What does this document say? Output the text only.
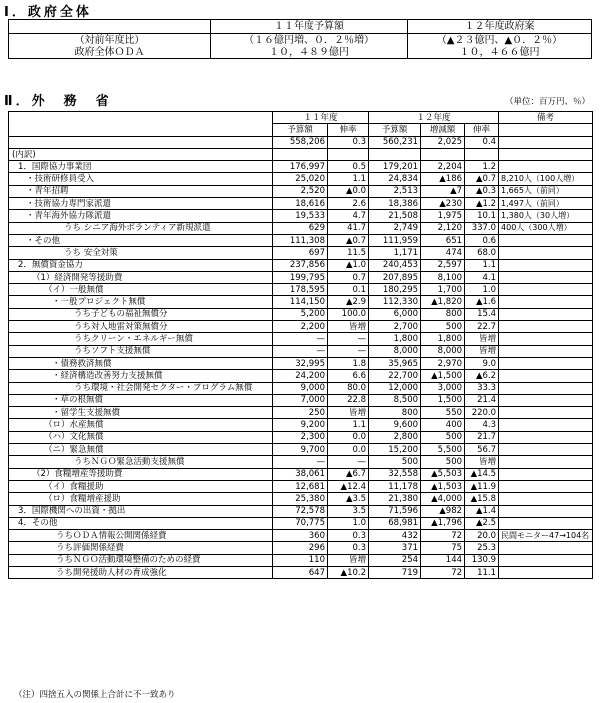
Ⅰ．政府全体
	１１年度予算額	１２年度政府案
（対前年度比）	（１６億円増、０．２％増）	（▲２３億円、▲０．２％）
政府全体ＯＤＡ	１０，４８９億円	１０，４６６億円
Ⅱ．外　務　省	（単位：百万円、％）
	１１年度		１２年度			備考
	予算額	伸率	予算額	増減額	伸率	
	558,206	0.3	560,231	2,025	0.4	
(内訳)						
1．国際協力事業団	176,997	0.5	179,201	2,204	1.2	
・技術研修員受入	25,020	1.1	24,834	▲186	▲0.7	8,210人（100人増）
・青年招聘	2,520	▲0.0	2,513	▲7	▲0.3	1,665人（前同）
・技術協力専門家派遣	18,616	2.6	18,386	▲230	▲1.2	1,497人（前同）
・青年海外協力隊派遣	19,533	4.7	21,508	1,975	10.1	1,380人（30人増）
うち シニア海外ボランティア新規派遣	629	41.7	2,749	2,120	337.0	400人（300人増）
・その他	111,308	▲0.7	111,959	651	0.6	
うち 安全対策	697	11.5	1,171	474	68.0	
2．無償資金協力	237,856	▲1.0	240,453	2,597	1.1	
（1）経済開発等援助費	199,795	0.7	207,895	8,100	4.1	
（イ）一般無償	178,595	0.1	180,295	1,700	1.0	
・一般プロジェクト無償	114,150	▲2.9	112,330	▲1,820	▲1.6	
うち子どもの福祉無償分	5,200	100.0	6,000	800	15.4	
うち対人地雷対策無償分	2,200	皆増	2,700	500	22.7	
うちクリーン・エネルギー無償	—	—	1,800	1,800	皆増	
うちソフト支援無償	—	—	8,000	8,000	皆増	
・債務救済無償	32,995	1.8	35,965	2,970	9.0	
・経済構造改善努力支援無償	24,200	6.6	22,700	▲1,500	▲6.2	
うち環境・社会開発セクター・プログラム無償	9,000	80.0	12,000	3,000	33.3	
・草の根無償	7,000	22.8	8,500	1,500	21.4	
・留学生支援無償	250	皆増	800	550	220.0	
（ロ）水産無償	9,200	1.1	9,600	400	4.3	
（ハ）文化無償	2,300	0.0	2,800	500	21.7	
（ニ）緊急無償	9,700	0.0	15,200	5,500	56.7	
うちＮＧＯ緊急活動支援無償	—	—	500	500	皆増	
（2）食糧増産等援助費	38,061	▲6.7	32,558	▲5,503	▲14.5	
（イ）食糧援助	12,681	▲12.4	11,178	▲1,503	▲11.9	
（ロ）食糧増産援助	25,380	▲3.5	21,380	▲4,000	▲15.8	
3．国際機関への出資・拠出	72,578	3.5	71,596	▲982	▲1.4	
4．その他	70,775	1.0	68,981	▲1,796	▲2.5	
うちＯＤＡ情報公開関係経費	360	0.3	432	72	20.0	民間モニター47→104名
うち評価関係経費	296	0.3	371	75	25.3	
うちＮＧＯ活動環境整備のための経費	110	皆増	254	144	130.9	
うち開発援助人材の育成強化	647	▲10.2	719	72	11.1	
（注）四捨五入の関係上合計に不一致あり
